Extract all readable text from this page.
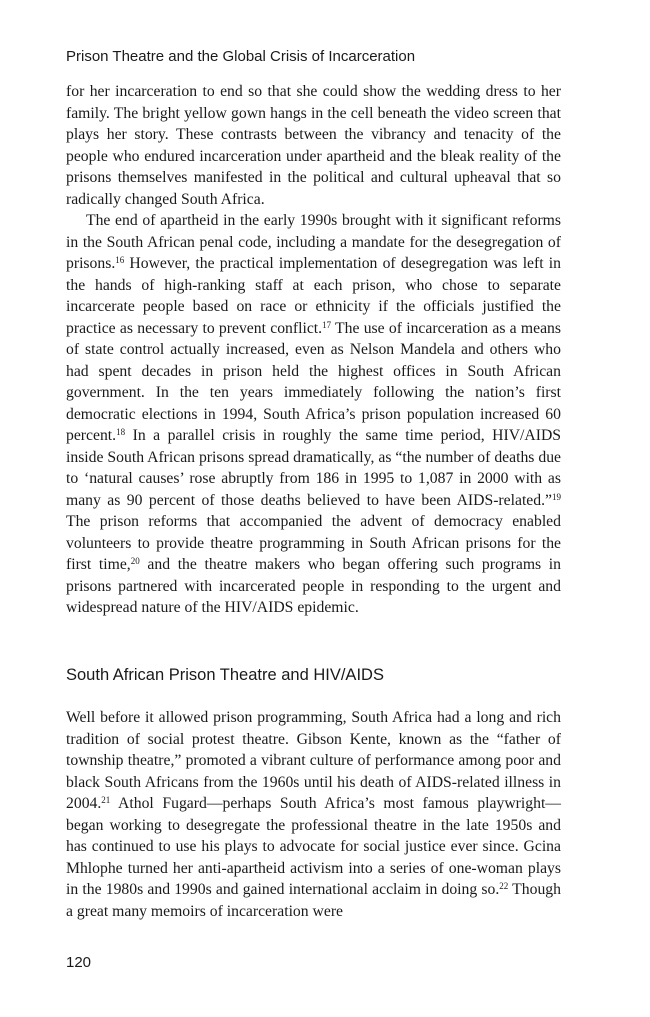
Prison Theatre and the Global Crisis of Incarceration

for her incarceration to end so that she could show the wedding dress to her family. The bright yellow gown hangs in the cell beneath the video screen that plays her story. These contrasts between the vibrancy and tenacity of the people who endured incarceration under apartheid and the bleak reality of the prisons themselves manifested in the political and cultural upheaval that so radically changed South Africa.

The end of apartheid in the early 1990s brought with it significant reforms in the South African penal code, including a mandate for the desegregation of prisons.$^{16}$ However, the practical implementation of desegregation was left in the hands of high-ranking staff at each prison, who chose to separate incarcerate people based on race or ethnicity if the officials justified the practice as necessary to prevent conflict.$^{17}$ The use of incarceration as a means of state control actually increased, even as Nelson Mandela and others who had spent decades in prison held the highest offices in South African government. In the ten years immediately following the nation’s first democratic elections in 1994, South Africa’s prison population increased 60 percent.$^{18}$ In a parallel crisis in roughly the same time period, HIV/AIDS inside South African prisons spread dramatically, as “the number of deaths due to ‘natural causes’ rose abruptly from 186 in 1995 to 1,087 in 2000 with as many as 90 percent of those deaths believed to have been AIDS-related.”$^{19}$ The prison reforms that accompanied the advent of democracy enabled volunteers to provide theatre programming in South African prisons for the first time,$^{20}$ and the theatre makers who began offering such programs in prisons partnered with incarcerated people in responding to the urgent and widespread nature of the HIV/AIDS epidemic.

South African Prison Theatre and HIV/AIDS

Well before it allowed prison programming, South Africa had a long and rich tradition of social protest theatre. Gibson Kente, known as the “father of township theatre,” promoted a vibrant culture of performance among poor and black South Africans from the 1960s until his death of AIDS-related illness in 2004.21 Athol Fugard—perhaps South Africa’s most famous playwright—began working to desegregate the professional theatre in the late 1950s and has continued to use his plays to advocate for social justice ever since. Gcina Mhlophe turned her anti-apartheid activism into a series of one-woman plays in the 1980s and 1990s and gained international acclaim in doing so.$^{22}$ Though a great many memoirs of incarceration were

120
